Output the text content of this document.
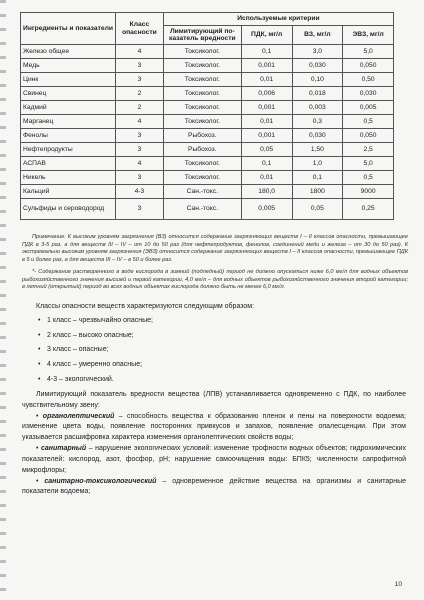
Ингредиенты и показатели	Класс опасности	Используемые критерии			
		Лимитирующий по-казатель вредности	ПДК, мг/л	ВЗ, мг/л	ЭВЗ, мг/л
Железо общее	4	Токсиколог.	0,1	3,0	5,0
Медь	3	Токсиколог.	0,001	0,030	0,050
Цинк	3	Токсиколог.	0,01	0,10	0,50
Свинец	2	Токсиколог.	0,006	0,018	0,030
Кадмий	2	Токсиколог.	0,001	0,003	0,005
Марганец	4	Токсиколог.	0,01	0,3	0,5
Фенолы	3	Рыбохоз.	0,001	0,030	0,050
Нефтепродукты	3	Рыбохоз.	0,05	1,50	2,5
АСПАВ	4	Токсиколог.	0,1	1,0	5,0
Никель	3	Токсиколог.	0,01	0,1	0,5
Кальций	4-3	Сан.-токс.	180,0	1800	9000
Сульфиды и сероводород	3	Сан.-токс.	0,005	0,05	0,25

Примечание: К высоким уровням загрязнения (ВЗ) относится содержание загрязняющих веществ I – II классов опасности, превышающее ПДК в 3-5 раз, а для веществ III – IV – от 10 до 50 раз (для нефтепродуктов, фенолов, соединений меди и железа – от 30 до 50 раз). К экстремально высоким уровням загрязнения (ЭВЗ) относится содержание загрязняющих веществ I – II классов опасности, превышающее ПДК в 5 и более раз, а для веществ III – IV – в 50 и более раз.

*- Содержание растворенного в воде кислорода в зимний (подледный) период не должно опускаться ниже 6,0 мг/л для водных объектов рыбохозяйственного значения высшей и первой категории, 4,0 мг/л – для водных объектов рыбохозяйственного значения второй категории; в летний (открытый) период во всех водных объектах кислорода должно быть не менее 6,0 мг/л.

Классы опасности веществ характеризуются следующим образом:

• 1 класс – чрезвычайно опасные;
• 2 класс – высоко опасные;
• 3 класс – опасные;
• 4 класс – умеренно опасные;
• 4-3 – экологический.

Лимитирующий показатель вредности вещества (ЛПВ) устанавливается одновременно с ПДК, по наиболее чувствительному звену:

• органолептический – способность вещества к образованию пленок и пены на поверхности водоема; изменение цвета воды, появление посторонних привкусов и запахов, появление опалесценции. При этом указывается расшифровка характера изменения органолептических свойств воды;

• санитарный – нарушение экологических условий: изменение трофности водных объектов; гидрохимических показателей: кислород, азот, фосфор, pH; нарушение самоочищения воды: БПК5; численности сапрофитной микрофлоры;

• санитарно-токсикологический – одновременное действие вещества на организмы и санитарные показатели водоема;

10
